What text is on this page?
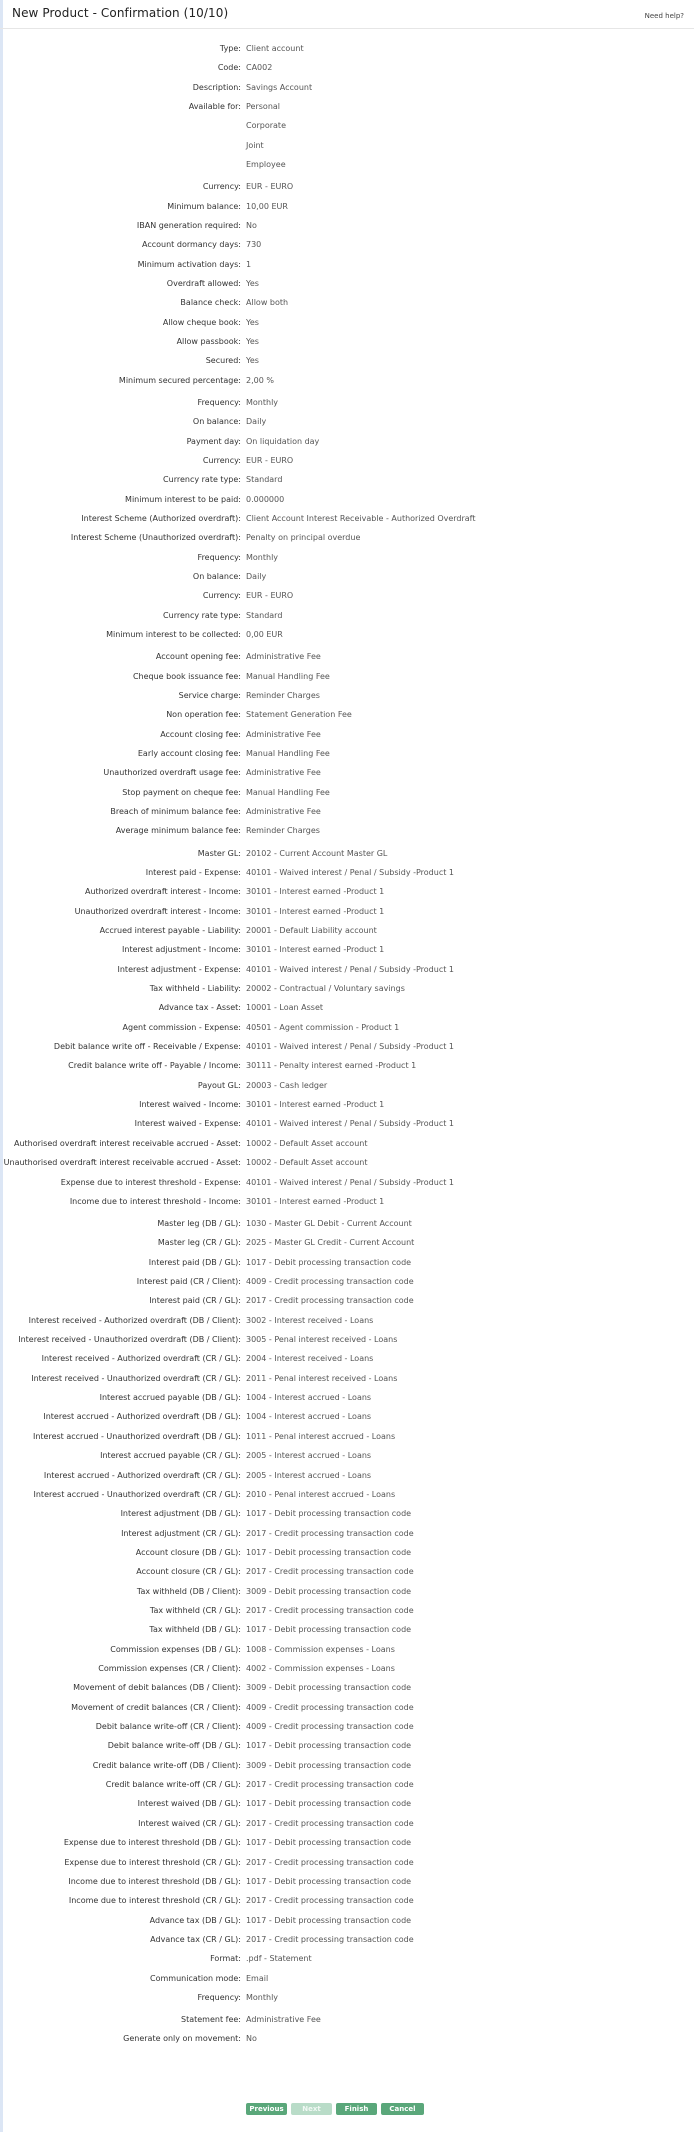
New Product - Confirmation (10/10)	Need help?
Type: Client account
Code: CA002
Description: Savings Account
Available for: Personal
Corporate
Joint
Employee
Currency: EUR - EURO
Minimum balance: 10,00 EUR
IBAN generation required: No
Account dormancy days: 730
Minimum activation days: 1
Overdraft allowed: Yes
Balance check: Allow both
Allow cheque book: Yes
Allow passbook: Yes
Secured: Yes
Minimum secured percentage: 2,00 %
Frequency: Monthly
On balance: Daily
Payment day: On liquidation day
Currency: EUR - EURO
Currency rate type: Standard
Minimum interest to be paid: 0.000000
Interest Scheme (Authorized overdraft): Client Account Interest Receivable - Authorized Overdraft
Interest Scheme (Unauthorized overdraft): Penalty on principal overdue
Frequency: Monthly
On balance: Daily
Currency: EUR - EURO
Currency rate type: Standard
Minimum interest to be collected: 0,00 EUR
Account opening fee: Administrative Fee
Cheque book issuance fee: Manual Handling Fee
Service charge: Reminder Charges
Non operation fee: Statement Generation Fee
Account closing fee: Administrative Fee
Early account closing fee: Manual Handling Fee
Unauthorized overdraft usage fee: Administrative Fee
Stop payment on cheque fee: Manual Handling Fee
Breach of minimum balance fee: Administrative Fee
Average minimum balance fee: Reminder Charges
Master GL: 20102 - Current Account Master GL
Interest paid - Expense: 40101 - Waived interest / Penal / Subsidy -Product 1
Authorized overdraft interest - Income: 30101 - Interest earned -Product 1
Unauthorized overdraft interest - Income: 30101 - Interest earned -Product 1
Accrued interest payable - Liability: 20001 - Default Liability account
Interest adjustment - Income: 30101 - Interest earned -Product 1
Interest adjustment - Expense: 40101 - Waived interest / Penal / Subsidy -Product 1
Tax withheld - Liability: 20002 - Contractual / Voluntary savings
Advance tax - Asset: 10001 - Loan Asset
Agent commission - Expense: 40501 - Agent commission - Product 1
Debit balance write off - Receivable / Expense: 40101 - Waived interest / Penal / Subsidy -Product 1
Credit balance write off - Payable / Income: 30111 - Penalty interest earned -Product 1
Payout GL: 20003 - Cash ledger
Interest waived - Income: 30101 - Interest earned -Product 1
Interest waived - Expense: 40101 - Waived interest / Penal / Subsidy -Product 1
Authorised overdraft interest receivable accrued - Asset: 10002 - Default Asset account
Unauthorised overdraft interest receivable accrued - Asset: 10002 - Default Asset account
Expense due to interest threshold - Expense: 40101 - Waived interest / Penal / Subsidy -Product 1
Income due to interest threshold - Income: 30101 - Interest earned -Product 1
Master leg (DB / GL): 1030 - Master GL Debit - Current Account
Master leg (CR / GL): 2025 - Master GL Credit - Current Account
Interest paid (DB / GL): 1017 - Debit processing transaction code
Interest paid (CR / Client): 4009 - Credit processing transaction code
Interest paid (CR / GL): 2017 - Credit processing transaction code
Interest received - Authorized overdraft (DB / Client): 3002 - Interest received - Loans
Interest received - Unauthorized overdraft (DB / Client): 3005 - Penal interest received - Loans
Interest received - Authorized overdraft (CR / GL): 2004 - Interest received - Loans
Interest received - Unauthorized overdraft (CR / GL): 2011 - Penal interest received - Loans
Interest accrued payable (DB / GL): 1004 - Interest accrued - Loans
Interest accrued - Authorized overdraft (DB / GL): 1004 - Interest accrued - Loans
Interest accrued - Unauthorized overdraft (DB / GL): 1011 - Penal interest accrued - Loans
Interest accrued payable (CR / GL): 2005 - Interest accrued - Loans
Interest accrued - Authorized overdraft (CR / GL): 2005 - Interest accrued - Loans
Interest accrued - Unauthorized overdraft (CR / GL): 2010 - Penal interest accrued - Loans
Interest adjustment (DB / GL): 1017 - Debit processing transaction code
Interest adjustment (CR / GL): 2017 - Credit processing transaction code
Account closure (DB / GL): 1017 - Debit processing transaction code
Account closure (CR / GL): 2017 - Credit processing transaction code
Tax withheld (DB / Client): 3009 - Debit processing transaction code
Tax withheld (CR / GL): 2017 - Credit processing transaction code
Tax withheld (DB / GL): 1017 - Debit processing transaction code
Commission expenses (DB / GL): 1008 - Commission expenses - Loans
Commission expenses (CR / Client): 4002 - Commission expenses - Loans
Movement of debit balances (DB / Client): 3009 - Debit processing transaction code
Movement of credit balances (CR / Client): 4009 - Credit processing transaction code
Debit balance write-off (CR / Client): 4009 - Credit processing transaction code
Debit balance write-off (DB / GL): 1017 - Debit processing transaction code
Credit balance write-off (DB / Client): 3009 - Debit processing transaction code
Credit balance write-off (CR / GL): 2017 - Credit processing transaction code
Interest waived (DB / GL): 1017 - Debit processing transaction code
Interest waived (CR / GL): 2017 - Credit processing transaction code
Expense due to interest threshold (DB / GL): 1017 - Debit processing transaction code
Expense due to interest threshold (CR / GL): 2017 - Credit processing transaction code
Income due to interest threshold (DB / GL): 1017 - Debit processing transaction code
Income due to interest threshold (CR / GL): 2017 - Credit processing transaction code
Advance tax (DB / GL): 1017 - Debit processing transaction code
Advance tax (CR / GL): 2017 - Credit processing transaction code
Format: .pdf - Statement
Communication mode: Email
Frequency: Monthly
Statement fee: Administrative Fee
Generate only on movement: No
Previous	Next	Finish	Cancel
